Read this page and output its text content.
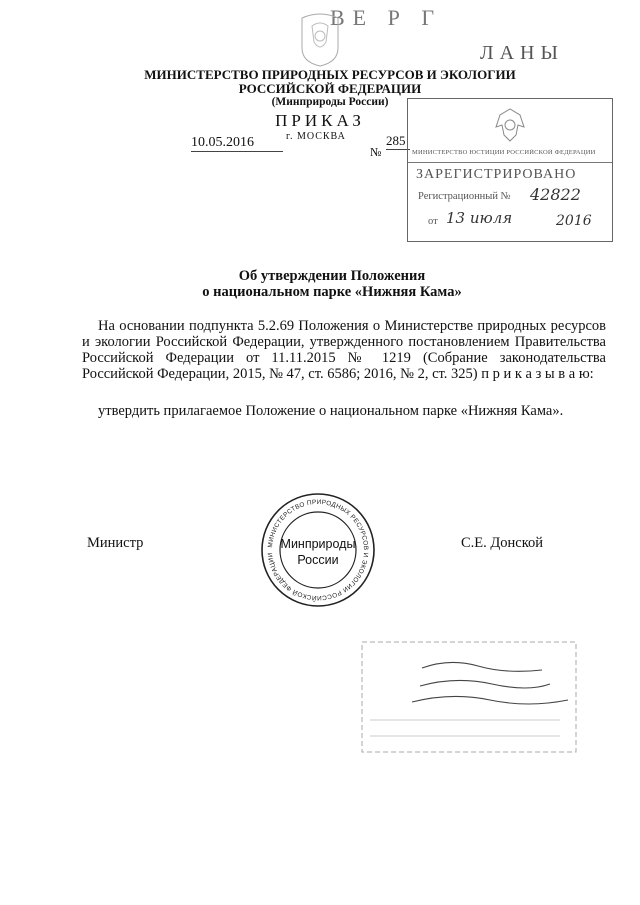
ВЕ Р Г
ЛАНЫ
МИНИСТЕРСТВО ПРИРОДНЫХ РЕСУРСОВ И ЭКОЛОГИИ
РОССИЙСКОЙ ФЕДЕРАЦИИ
(Минприроды России)
ПРИКАЗ
10.05.2016	г. МОСКВА
№
285
МИНИСТЕРСТВО ЮСТИЦИИ РОССИЙСКОЙ ФЕДЕРАЦИИ
ЗАРЕГИСТРИРОВАНО
Регистрационный № 42822
от 13 июля	2016
Об утверждении Положения
о национальном парке «Нижняя Кама»
На основании подпункта 5.2.69 Положения о Министерстве природных ресурсов и экологии Российской Федерации, утвержденного постановлением Правительства Российской Федерации от 11.11.2015 № 1219 (Собрание законодательства Российской Федерации, 2015, № 47, ст. 6586; 2016, № 2, ст. 325) п р и к а з ы в а ю:
утвердить прилагаемое Положение о национальном парке «Нижняя Кама».
Министр	С.Е. Донской
МИНИСТЕРСТВО ПРИРОДНЫХ РЕСУРСОВ И ЭКОЛОГИИ РОССИЙСКОЙ ФЕДЕРАЦИИ
Минприроды
России
